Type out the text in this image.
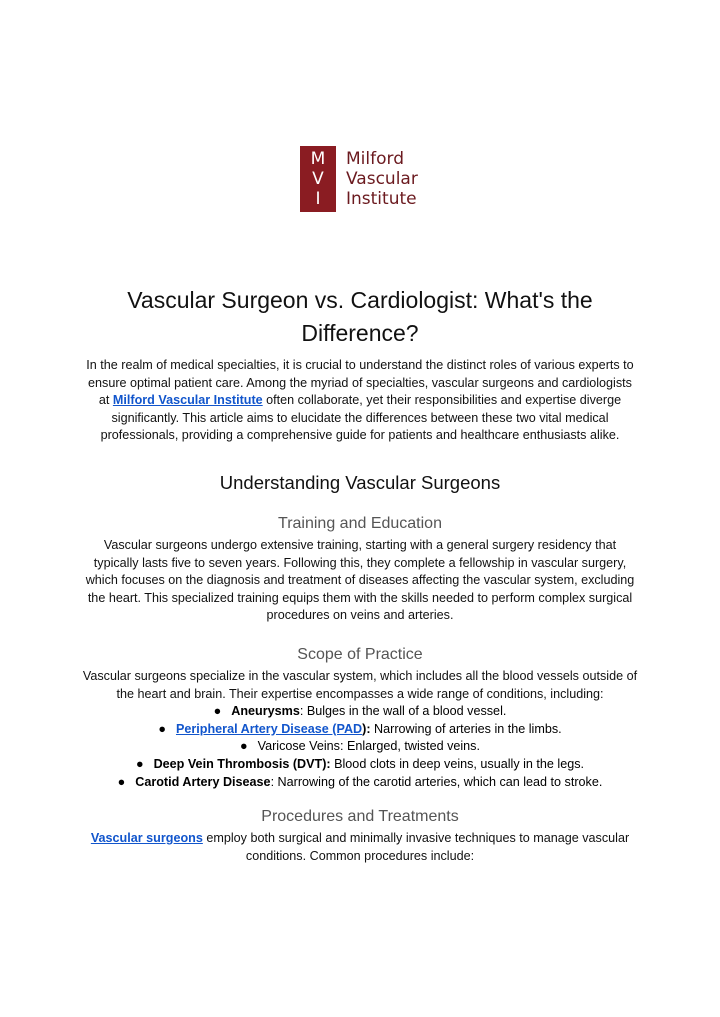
M
V
I
Milford
Vascular
Institute
Vascular Surgeon vs. Cardiologist: What's the Difference?

In the realm of medical specialties, it is crucial to understand the distinct roles of various experts to ensure optimal patient care. Among the myriad of specialties, vascular surgeons and cardiologists at Milford Vascular Institute often collaborate, yet their responsibilities and expertise diverge significantly. This article aims to elucidate the differences between these two vital medical professionals, providing a comprehensive guide for patients and healthcare enthusiasts alike.

Understanding Vascular Surgeons
Training and Education

Vascular surgeons undergo extensive training, starting with a general surgery residency that typically lasts five to seven years. Following this, they complete a fellowship in vascular surgery, which focuses on the diagnosis and treatment of diseases affecting the vascular system, excluding the heart. This specialized training equips them with the skills needed to perform complex surgical procedures on veins and arteries.

Scope of Practice

Vascular surgeons specialize in the vascular system, which includes all the blood vessels outside of the heart and brain. Their expertise encompasses a wide range of conditions, including:

● Aneurysms: Bulges in the wall of a blood vessel.
● Peripheral Artery Disease (PAD): Narrowing of arteries in the limbs.
● Varicose Veins: Enlarged, twisted veins.
● Deep Vein Thrombosis (DVT): Blood clots in deep veins, usually in the legs.
● Carotid Artery Disease: Narrowing of the carotid arteries, which can lead to stroke.
Procedures and Treatments

Vascular surgeons employ both surgical and minimally invasive techniques to manage vascular conditions. Common procedures include:
